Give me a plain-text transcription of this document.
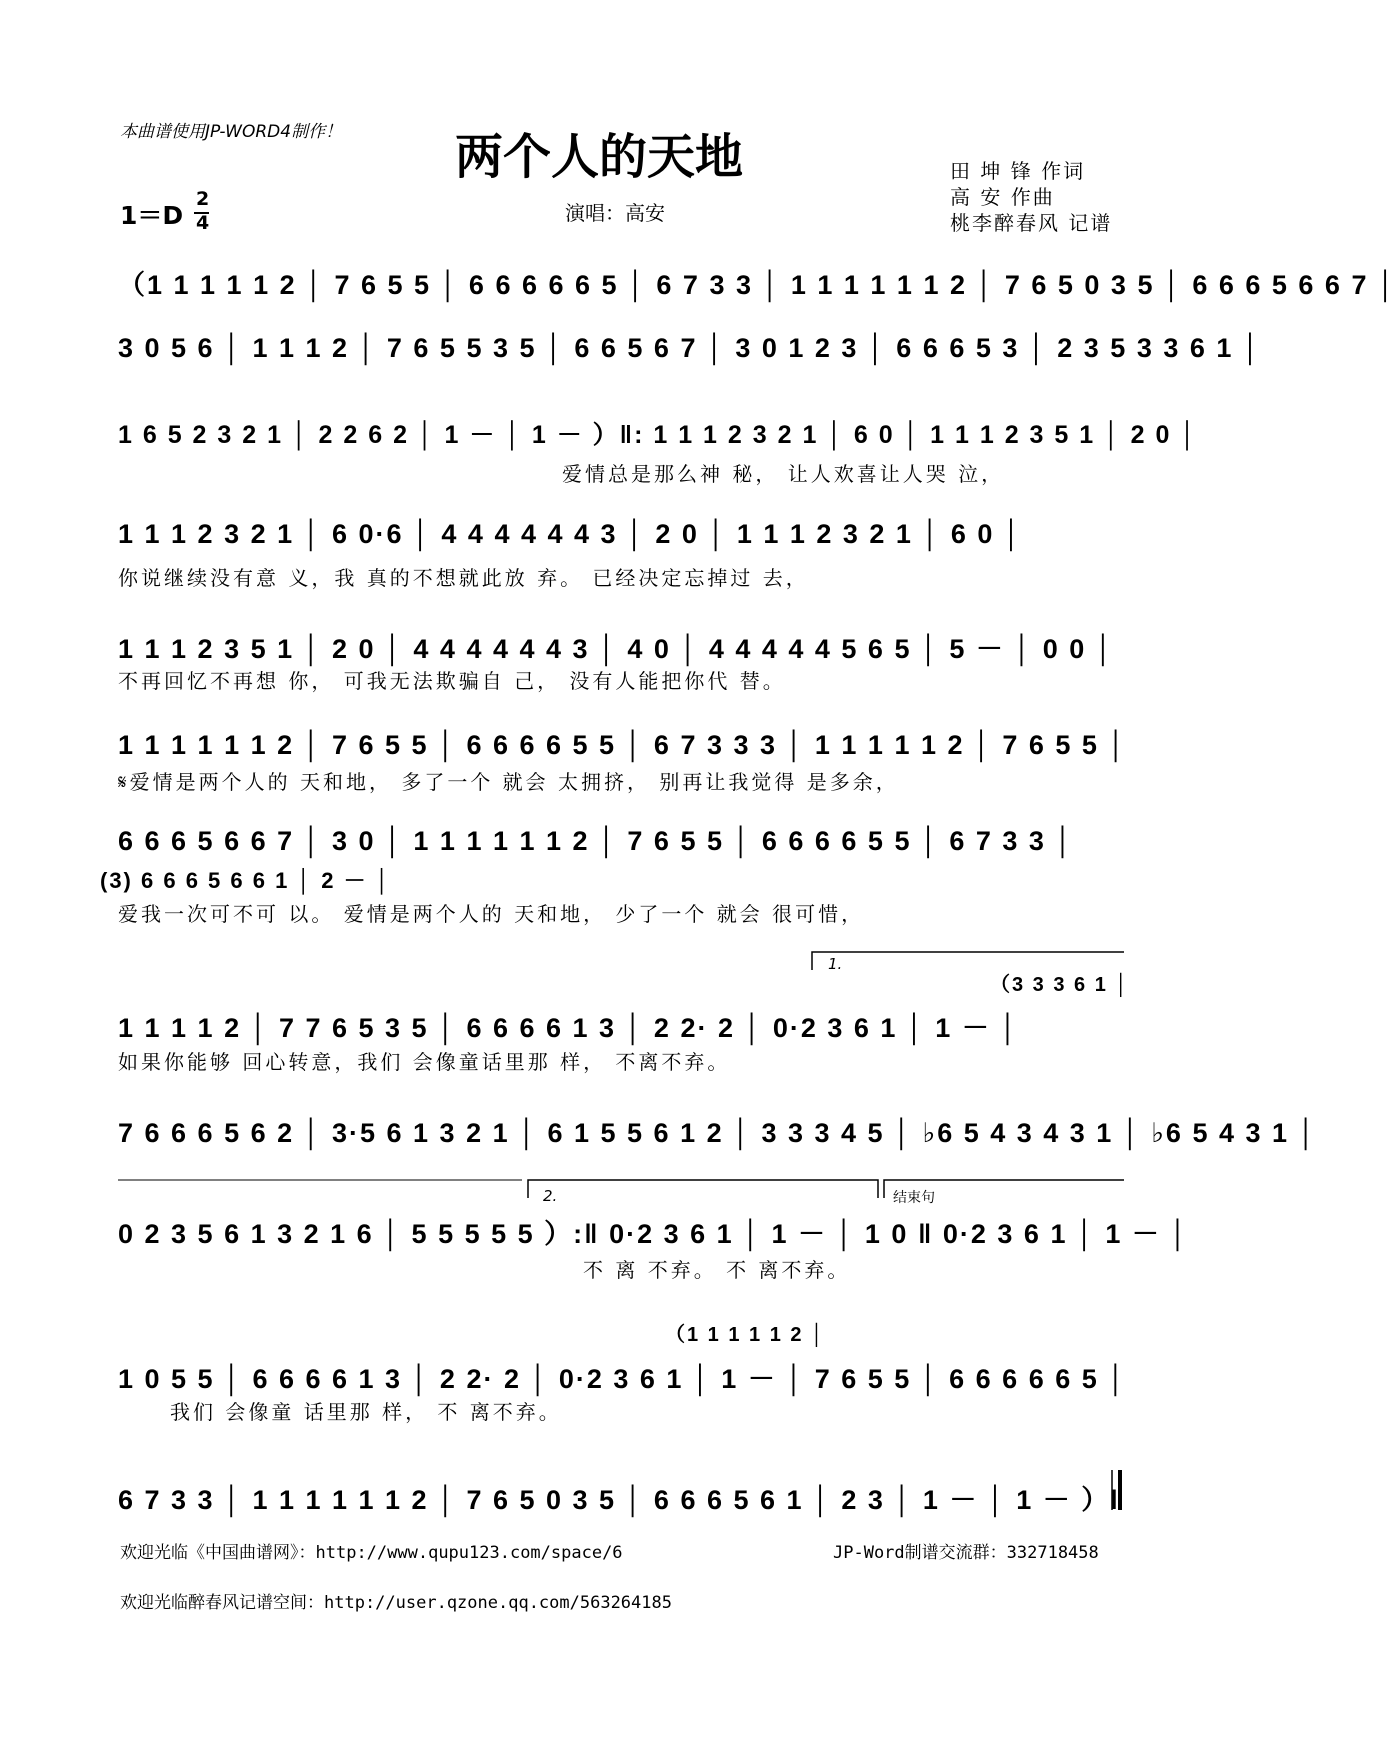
本曲谱使用JP-WORD4制作！ 两个人的天地	田 坤 锋 作词
高 安 作曲
桃李醉春风 记谱
1＝D
2
4	演唱：高安
（1 1 1 1 1 2 │ 7 6 5 5 │ 6 6 6 6 6 5 │ 6 7 3 3 │ 1 1 1 1 1 1 2 │ 7 6 5 0 3 5 │ 6 6 6 5 6 6 7 │
3 0 5 6 │ 1 1 1 2 │ 7 6 5 5 3 5 │ 6 6 5 6 7 │ 3 0 1 2 3 │ 6 6 6 5 3 │ 2 3 5 3 3 6 1 │
1 6 5 2 3 2 1 │ 2 2 6 2 │ 1 － │ 1 － ）‖: 1 1 1 2 3 2 1 │ 6 0 │ 1 1 1 2 3 5 1 │ 2 0 │
爱情总是那么神 秘， 让人欢喜让人哭 泣，
1 1 1 2 3 2 1 │ 6 0·6 │ 4 4 4 4 4 4 3 │ 2 0 │ 1 1 1 2 3 2 1 │ 6 0 │
你说继续没有意 义，我 真的不想就此放 弃。 已经决定忘掉过 去，
1 1 1 2 3 5 1 │ 2 0 │ 4 4 4 4 4 4 3 │ 4 0 │ 4 4 4 4 4 5 6 5 │ 5 － │ 0 0 │
不再回忆不再想 你， 可我无法欺骗自 己， 没有人能把你代 替。
1 1 1 1 1 1 2 │ 7 6 5 5 │ 6 6 6 6 5 5 │ 6 7 3 3 3 │ 1 1 1 1 1 2 │ 7 6 5 5 │
𝄋爱情是两个人的 天和地， 多了一个 就会 太拥挤， 别再让我觉得 是多余，
6 6 6 5 6 6 7 │ 3 0 │ 1 1 1 1 1 1 2 │ 7 6 5 5 │ 6 6 6 6 5 5 │ 6 7 3 3 │
(3) 6 6 6 5 6 6 1 │ 2 － │
爱我一次可不可 以。 爱情是两个人的 天和地， 少了一个 就会 很可惜，
1.
（3 3 3 6 1 │
1 1 1 1 2 │ 7 7 6 5 3 5 │ 6 6 6 6 1 3 │ 2 2· 2 │ 0·2 3 6 1 │ 1 － │
如果你能够 回心转意，我们 会像童话里那 样， 不离不弃。
7 6 6 6 5 6 2 │ 3·5 6 1 3 2 1 │ 6 1 5 5 6 1 2 │ 3 3 3 4 5 │ ♭6 5 4 3 4 3 1 │ ♭6 5 4 3 1 │
2.	结束句
0 2 3 5 6 1 3 2 1 6 │ 5 5 5 5 5 ）:‖ 0·2 3 6 1 │ 1 － │ 1 0 ‖ 0·2 3 6 1 │ 1 － │
不 离 不弃。 不 离不弃。
（1 1 1 1 1 2 │
1 0 5 5 │ 6 6 6 6 1 3 │ 2 2· 2 │ 0·2 3 6 1 │ 1 － │ 7 6 5 5 │ 6 6 6 6 6 5 │
我们 会像童 话里那 样， 不 离不弃。
6 7 3 3 │ 1 1 1 1 1 1 2 │ 7 6 5 0 3 5 │ 6 6 6 5 6 1 │ 2 3 │ 1 － │ 1 － ）‖
欢迎光临《中国曲谱网》：http://www.qupu123.com/space/6	JP-Word制谱交流群：332718458
欢迎光临醉春风记谱空间：http://user.qzone.qq.com/563264185
